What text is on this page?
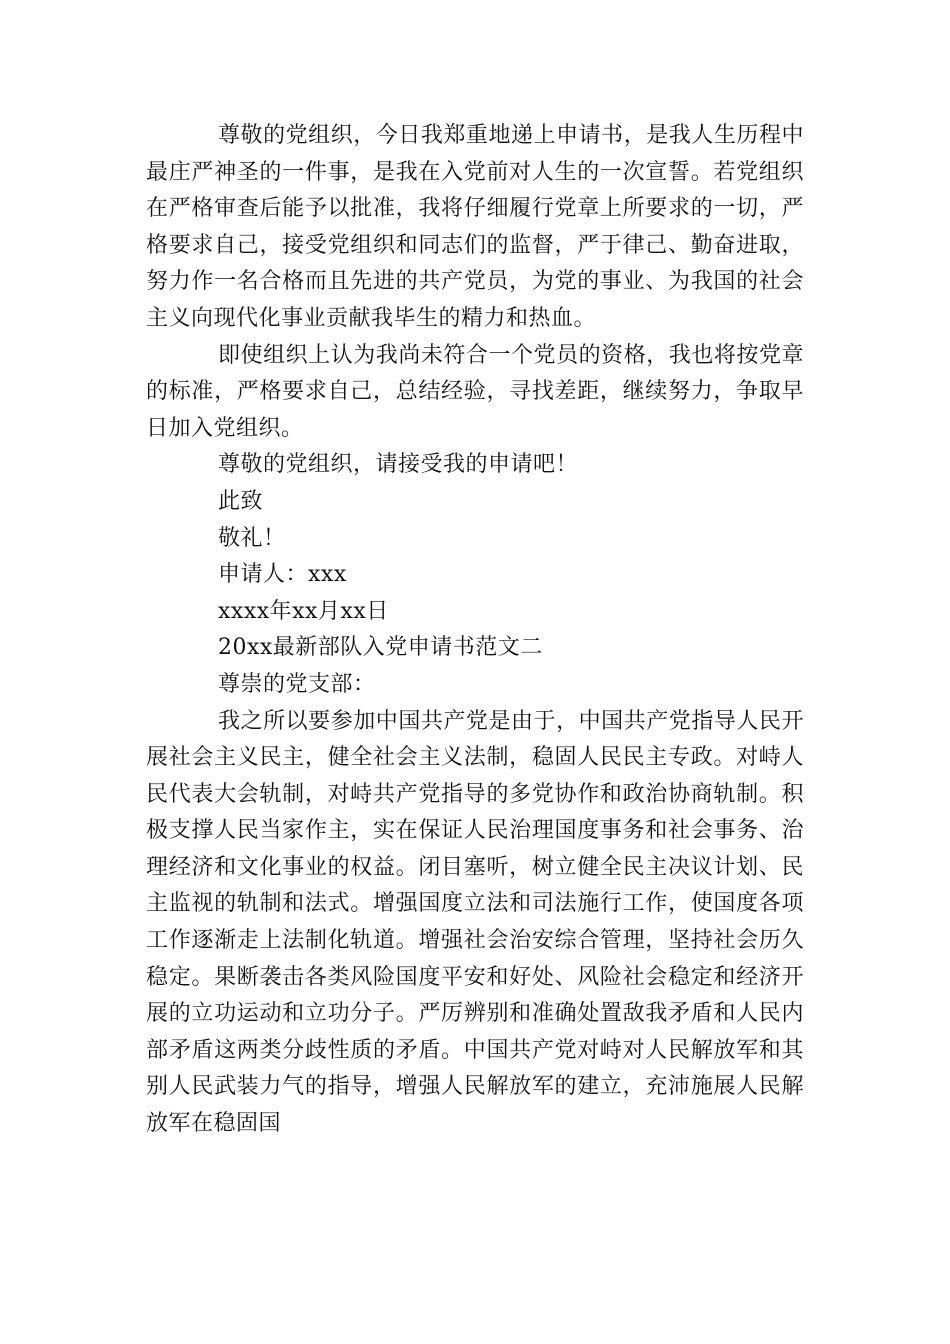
尊敬的党组织，今日我郑重地递上申请书，是我人生历程中最庄严神圣的一件事，是我在入党前对人生的一次宣誓。若党组织在严格审查后能予以批准，我将仔细履行党章上所要求的一切，严格要求自己，接受党组织和同志们的监督，严于律己、勤奋进取，努力作一名合格而且先进的共产党员，为党的事业、为我国的社会主义向现代化事业贡献我毕生的精力和热血。

即使组织上认为我尚未符合一个党员的资格，我也将按党章的标准，严格要求自己，总结经验，寻找差距，继续努力，争取早日加入党组织。

尊敬的党组织，请接受我的申请吧！

此致

敬礼！

申请人：xxx

xxxx年xx月xx日

20xx最新部队入党申请书范文二

尊崇的党支部：

我之所以要参加中国共产党是由于，中国共产党指导人民开展社会主义民主，健全社会主义法制，稳固人民民主专政。对峙人民代表大会轨制，对峙共产党指导的多党协作和政治协商轨制。积极支撑人民当家作主，实在保证人民治理国度事务和社会事务、治理经济和文化事业的权益。闭目塞听，树立健全民主决议计划、民主监视的轨制和法式。增强国度立法和司法施行工作，使国度各项工作逐渐走上法制化轨道。增强社会治安综合管理，坚持社会历久稳定。果断袭击各类风险国度平安和好处、风险社会稳定和经济开展的立功运动和立功分子。严厉辨别和准确处置敌我矛盾和人民内部矛盾这两类分歧性质的矛盾。中国共产党对峙对人民解放军和其别人民武装力气的指导，增强人民解放军的建立，充沛施展人民解放军在稳固国
